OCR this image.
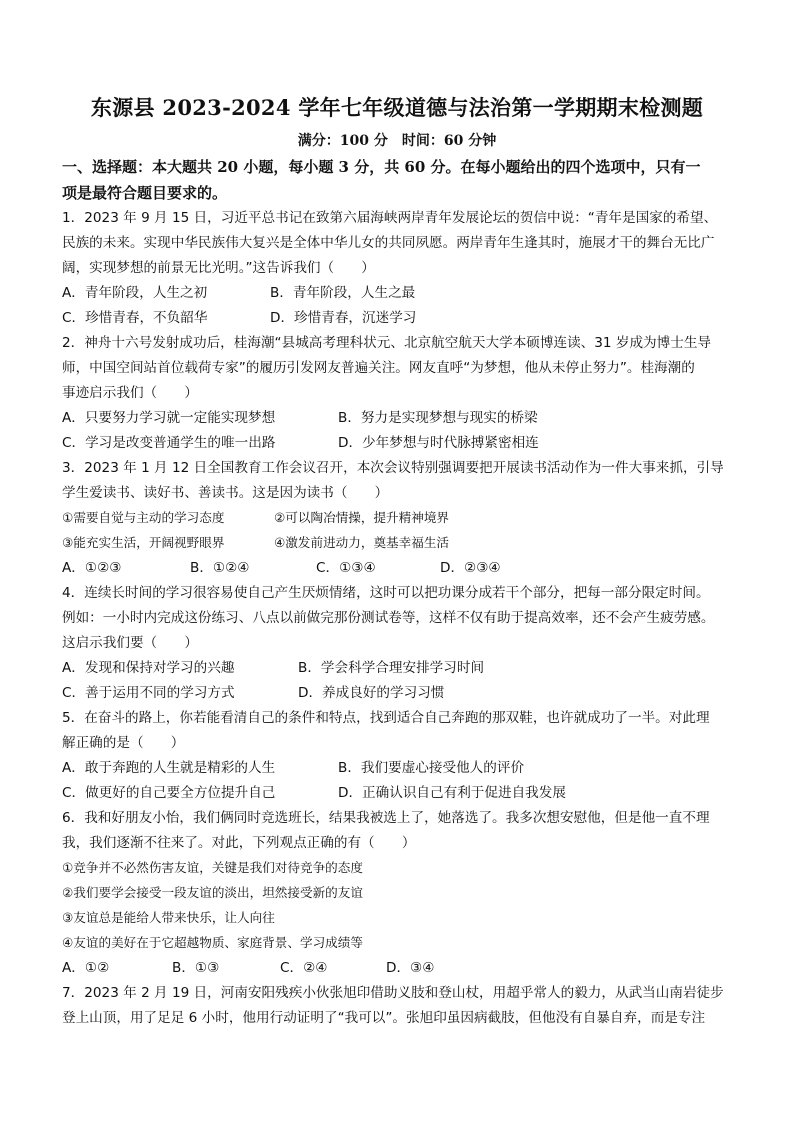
东源县 2023-2024 学年七年级道德与法治第一学期期末检测题
满分：100 分　时间：60 分钟
一、选择题：本大题共 20 小题，每小题 3 分，共 60 分。在每小题给出的四个选项中，只有一
项是最符合题目要求的。
1．2023 年 9 月 15 日，习近平总书记在致第六届海峡两岸青年发展论坛的贺信中说：“青年是国家的希望、
民族的未来。实现中华民族伟大复兴是全体中华儿女的共同夙愿。两岸青年生逢其时，施展才干的舞台无比广
阔，实现梦想的前景无比光明。”这告诉我们（　　）
A．青年阶段，人生之初	B．青年阶段，人生之最
C．珍惜青春，不负韶华	D．珍惜青春，沉迷学习
2．神舟十六号发射成功后，桂海潮“县城高考理科状元、北京航空航天大学本硕博连读、31 岁成为博士生导
师，中国空间站首位载荷专家”的履历引发网友普遍关注。网友直呼“为梦想，他从未停止努力”。桂海潮的
事迹启示我们（　　）
A．只要努力学习就一定能实现梦想	B．努力是实现梦想与现实的桥梁
C．学习是改变普通学生的唯一出路	D．少年梦想与时代脉搏紧密相连
3．2023 年 1 月 12 日全国教育工作会议召开，本次会议特别强调要把开展读书活动作为一件大事来抓，引导
学生爱读书、读好书、善读书。这是因为读书（　　）
①需要自觉与主动的学习态度	②可以陶冶情操，提升精神境界
③能充实生活，开阔视野眼界	④激发前进动力，奠基幸福生活
A．①②③	B．①②④	C．①③④	D．②③④
4．连续长时间的学习很容易使自己产生厌烦情绪，这时可以把功课分成若干个部分，把每一部分限定时间。
例如：一小时内完成这份练习、八点以前做完那份测试卷等，这样不仅有助于提高效率，还不会产生疲劳感。
这启示我们要（　　）
A．发现和保持对学习的兴趣	B．学会科学合理安排学习时间
C．善于运用不同的学习方式	D．养成良好的学习习惯
5．在奋斗的路上，你若能看清自己的条件和特点，找到适合自己奔跑的那双鞋，也许就成功了一半。对此理
解正确的是（　　）
A．敢于奔跑的人生就是精彩的人生	B．我们要虚心接受他人的评价
C．做更好的自己要全方位提升自己	D．正确认识自己有利于促进自我发展
6．我和好朋友小怡，我们俩同时竞选班长，结果我被选上了，她落选了。我多次想安慰他，但是他一直不理
我，我们逐渐不往来了。对此，下列观点正确的有（　　）
①竞争并不必然伤害友谊，关键是我们对待竞争的态度
②我们要学会接受一段友谊的淡出，坦然接受新的友谊
③友谊总是能给人带来快乐，让人向往
④友谊的美好在于它超越物质、家庭背景、学习成绩等
A．①②	B．①③	C．②④	D．③④
7．2023 年 2 月 19 日，河南安阳残疾小伙张旭印借助义肢和登山杖，用超乎常人的毅力，从武当山南岩徒步
登上山顶，用了足足 6 小时，他用行动证明了“我可以”。张旭印虽因病截肢，但他没有自暴自弃，而是专注
